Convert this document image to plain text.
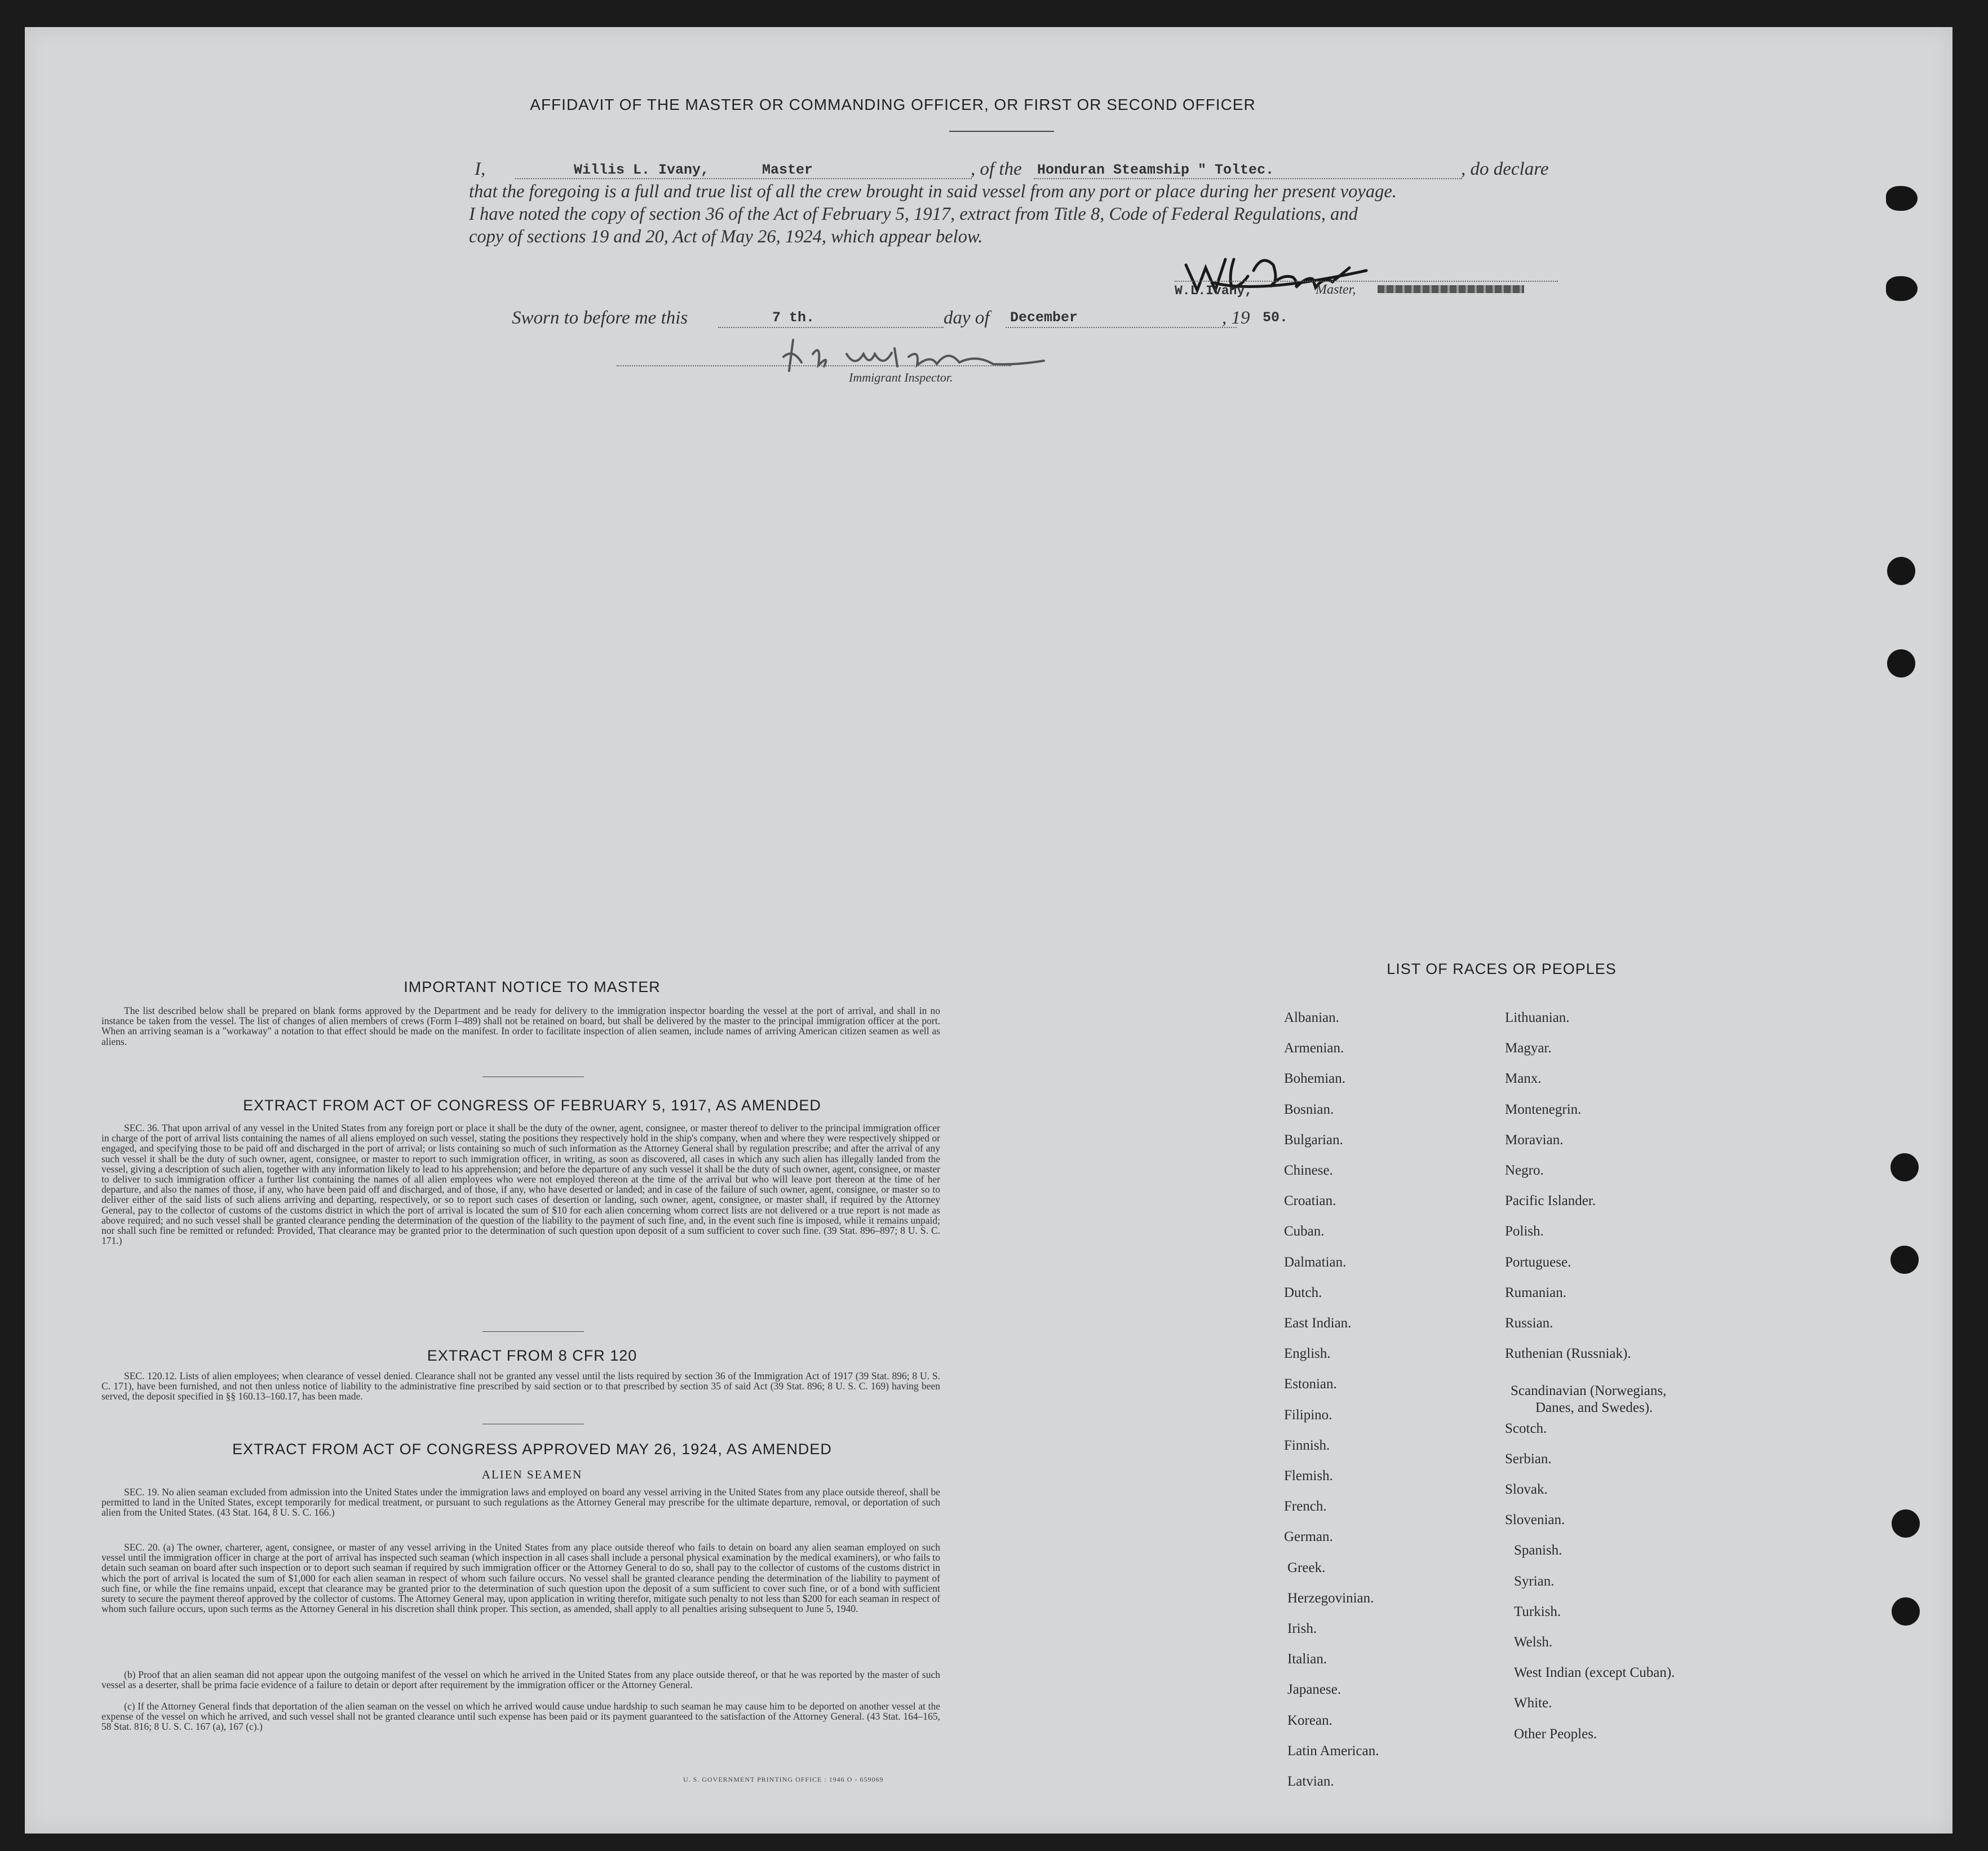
AFFIDAVIT OF THE MASTER OR COMMANDING OFFICER, OR FIRST OR SECOND OFFICER
I,	Willis L. Ivany,	Master	, of the Honduran Steamship " Toltec.	, do declare
that the foregoing is a full and true list of all the crew brought in said vessel from any port or place during her present voyage.
I have noted the copy of section 36 of the Act of February 5, 1917, extract from Title 8, Code of Federal Regulations, and
copy of sections 19 and 20, Act of May 26, 1924, which appear below.
W.L.Ivany,	Master,
Sworn to before me this	7 th.	day of December	, 19 50.
Immigrant Inspector.
IMPORTANT NOTICE TO MASTER
The list described below shall be prepared on blank forms approved by the Department and be ready for delivery to the immigration inspector boarding the vessel at the port of arrival, and shall in no instance be taken from the vessel. The list of changes of alien members of crews (Form I–489) shall not be retained on board, but shall be delivered by the master to the principal immigration officer at the port. When an arriving seaman is a "workaway" a notation to that effect should be made on the manifest. In order to facilitate inspection of alien seamen, include names of arriving American citizen seamen as well as aliens.
EXTRACT FROM ACT OF CONGRESS OF FEBRUARY 5, 1917, AS AMENDED
SEC. 36. That upon arrival of any vessel in the United States from any foreign port or place it shall be the duty of the owner, agent, consignee, or master thereof to deliver to the principal immigration officer in charge of the port of arrival lists containing the names of all aliens employed on such vessel, stating the positions they respectively hold in the ship's company, when and where they were respectively shipped or engaged, and specifying those to be paid off and discharged in the port of arrival; or lists containing so much of such information as the Attorney General shall by regulation prescribe; and after the arrival of any such vessel it shall be the duty of such owner, agent, consignee, or master to report to such immigration officer, in writing, as soon as discovered, all cases in which any such alien has illegally landed from the vessel, giving a description of such alien, together with any information likely to lead to his apprehension; and before the departure of any such vessel it shall be the duty of such owner, agent, consignee, or master to deliver to such immigration officer a further list containing the names of all alien employees who were not employed thereon at the time of the arrival but who will leave port thereon at the time of her departure, and also the names of those, if any, who have been paid off and discharged, and of those, if any, who have deserted or landed; and in case of the failure of such owner, agent, consignee, or master so to deliver either of the said lists of such aliens arriving and departing, respectively, or so to report such cases of desertion or landing, such owner, agent, consignee, or master shall, if required by the Attorney General, pay to the collector of customs of the customs district in which the port of arrival is located the sum of $10 for each alien concerning whom correct lists are not delivered or a true report is not made as above required; and no such vessel shall be granted clearance pending the determination of the question of the liability to the payment of such fine, and, in the event such fine is imposed, while it remains unpaid; nor shall such fine be remitted or refunded: Provided, That clearance may be granted prior to the determination of such question upon deposit of a sum sufficient to cover such fine. (39 Stat. 896–897; 8 U. S. C. 171.)
EXTRACT FROM 8 CFR 120
SEC. 120.12. Lists of alien employees; when clearance of vessel denied. Clearance shall not be granted any vessel until the lists required by section 36 of the Immigration Act of 1917 (39 Stat. 896; 8 U. S. C. 171), have been furnished, and not then unless notice of liability to the administrative fine prescribed by said section or to that prescribed by section 35 of said Act (39 Stat. 896; 8 U. S. C. 169) having been served, the deposit specified in §§ 160.13–160.17, has been made.
EXTRACT FROM ACT OF CONGRESS APPROVED MAY 26, 1924, AS AMENDED
ALIEN SEAMEN
SEC. 19. No alien seaman excluded from admission into the United States under the immigration laws and employed on board any vessel arriving in the United States from any place outside thereof, shall be permitted to land in the United States, except temporarily for medical treatment, or pursuant to such regulations as the Attorney General may prescribe for the ultimate departure, removal, or deportation of such alien from the United States. (43 Stat. 164, 8 U. S. C. 166.)
SEC. 20. (a) The owner, charterer, agent, consignee, or master of any vessel arriving in the United States from any place outside thereof who fails to detain on board any alien seaman employed on such vessel until the immigration officer in charge at the port of arrival has inspected such seaman (which inspection in all cases shall include a personal physical examination by the medical examiners), or who fails to detain such seaman on board after such inspection or to deport such seaman if required by such immigration officer or the Attorney General to do so, shall pay to the collector of customs of the customs district in which the port of arrival is located the sum of $1,000 for each alien seaman in respect of whom such failure occurs. No vessel shall be granted clearance pending the determination of the liability to payment of such fine, or while the fine remains unpaid, except that clearance may be granted prior to the determination of such question upon the deposit of a sum sufficient to cover such fine, or of a bond with sufficient surety to secure the payment thereof approved by the collector of customs. The Attorney General may, upon application in writing therefor, mitigate such penalty to not less than $200 for each seaman in respect of whom such failure occurs, upon such terms as the Attorney General in his discretion shall think proper. This section, as amended, shall apply to all penalties arising subsequent to June 5, 1940.
(b) Proof that an alien seaman did not appear upon the outgoing manifest of the vessel on which he arrived in the United States from any place outside thereof, or that he was reported by the master of such vessel as a deserter, shall be prima facie evidence of a failure to detain or deport after requirement by the immigration officer or the Attorney General.
(c) If the Attorney General finds that deportation of the alien seaman on the vessel on which he arrived would cause undue hardship to such seaman he may cause him to be deported on another vessel at the expense of the vessel on which he arrived, and such vessel shall not be granted clearance until such expense has been paid or its payment guaranteed to the satisfaction of the Attorney General. (43 Stat. 164–165, 58 Stat. 816; 8 U. S. C. 167 (a), 167 (c).)
U. S. GOVERNMENT PRINTING OFFICE : 1946 O - 659069
LIST OF RACES OR PEOPLES
Albanian.
Armenian.
Bohemian.
Bosnian.
Bulgarian.
Chinese.
Croatian.
Cuban.
Dalmatian.
Dutch.
East Indian.
English.
Estonian.
Filipino.
Finnish.
Flemish.
French.
German.
Greek.
Herzegovinian.
Irish.
Italian.
Japanese.
Korean.
Latin American.
Latvian.
Lithuanian.
Magyar.
Manx.
Montenegrin.
Moravian.
Negro.
Pacific Islander.
Polish.
Portuguese.
Rumanian.
Russian.
Ruthenian (Russniak).
Scandinavian (Norwegians,
Danes, and Swedes).
Scotch.
Serbian.
Slovak.
Slovenian.
Spanish.
Syrian.
Turkish.
Welsh.
West Indian (except Cuban).
White.
Other Peoples.
